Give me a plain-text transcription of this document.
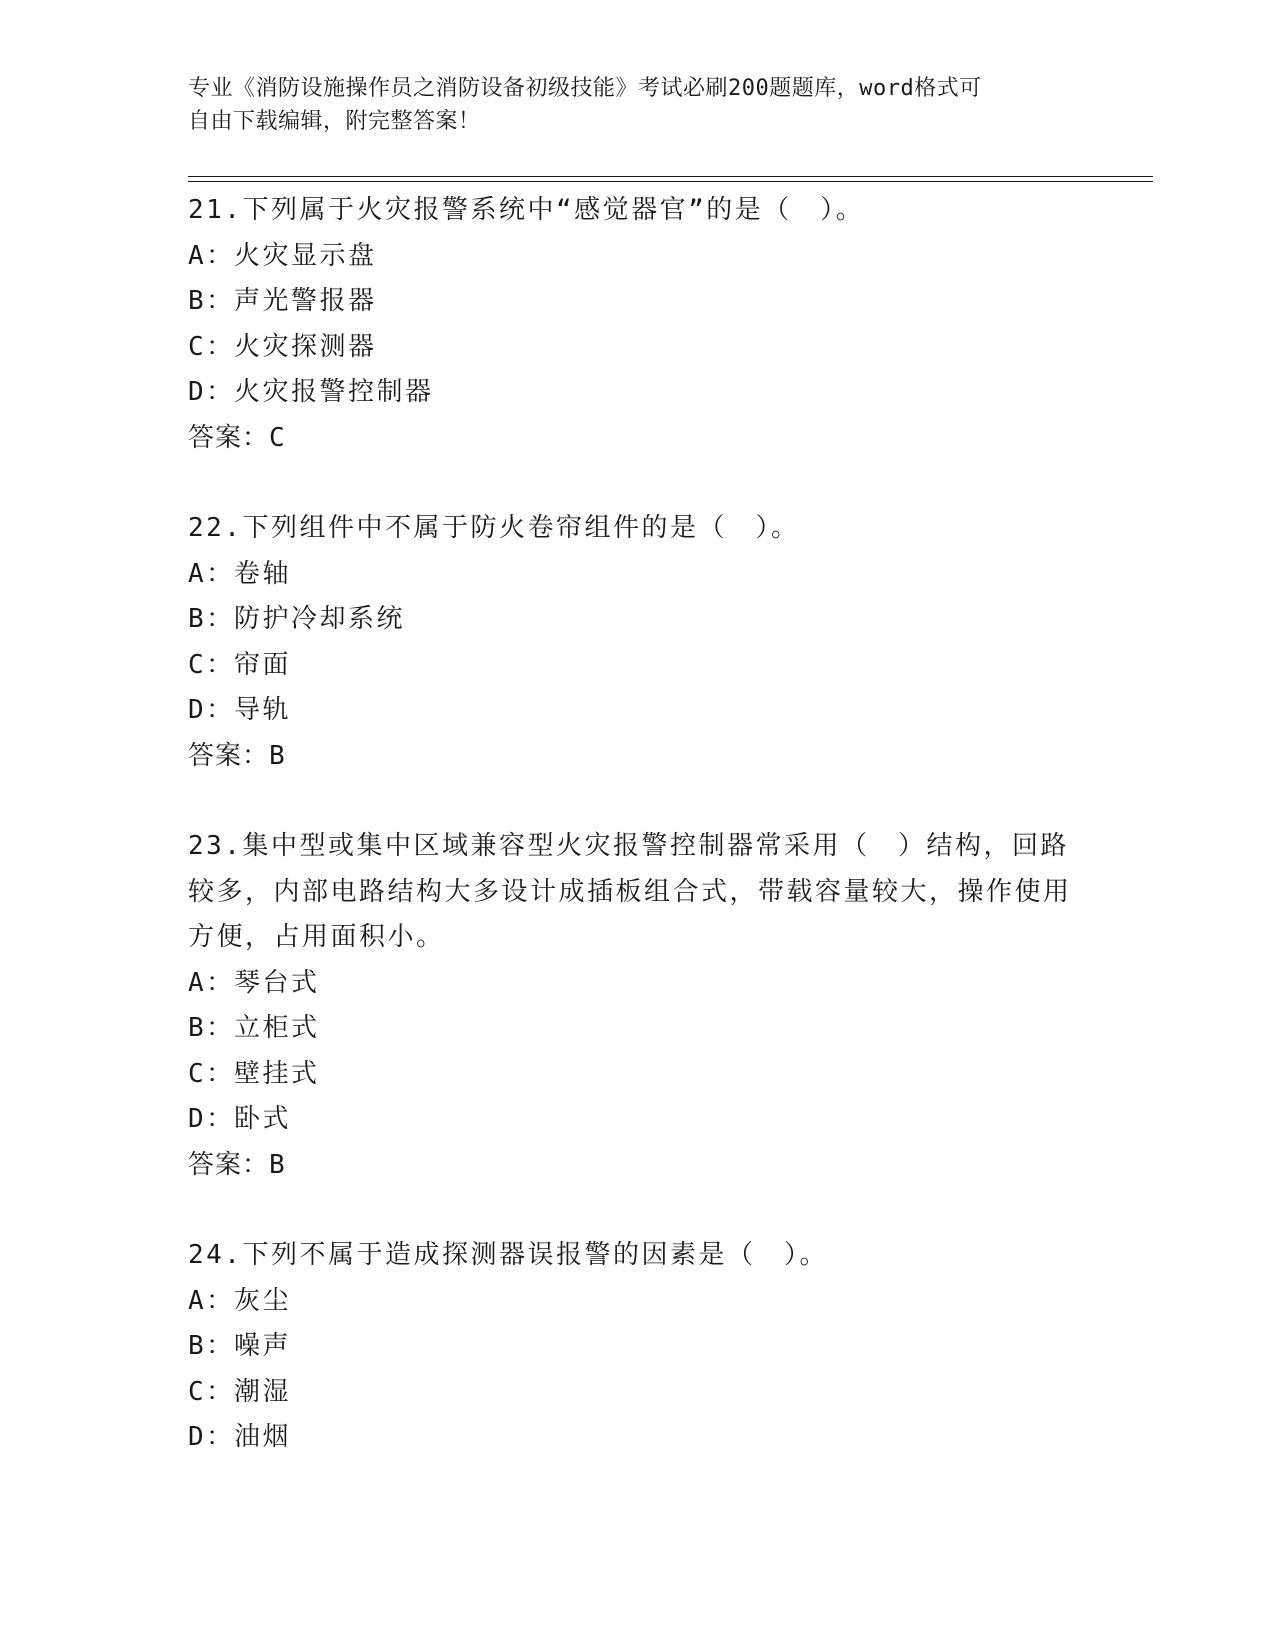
专业《消防设施操作员之消防设备初级技能》考试必刷200题题库，word格式可
自由下载编辑，附完整答案！
21.下列属于火灾报警系统中“感觉器官”的是（　）。
A：火灾显示盘
B：声光警报器
C：火灾探测器
D：火灾报警控制器
答案：C
22.下列组件中不属于防火卷帘组件的是（　）。
A：卷轴
B：防护冷却系统
C：帘面
D：导轨
答案：B
23.集中型或集中区域兼容型火灾报警控制器常采用（　）结构，回路较多，内部电路结构大多设计成插板组合式，带载容量较大，操作使用方便，占用面积小。
A：琴台式
B：立柜式
C：壁挂式
D：卧式
答案：B
24.下列不属于造成探测器误报警的因素是（　）。
A：灰尘
B：噪声
C：潮湿
D：油烟
